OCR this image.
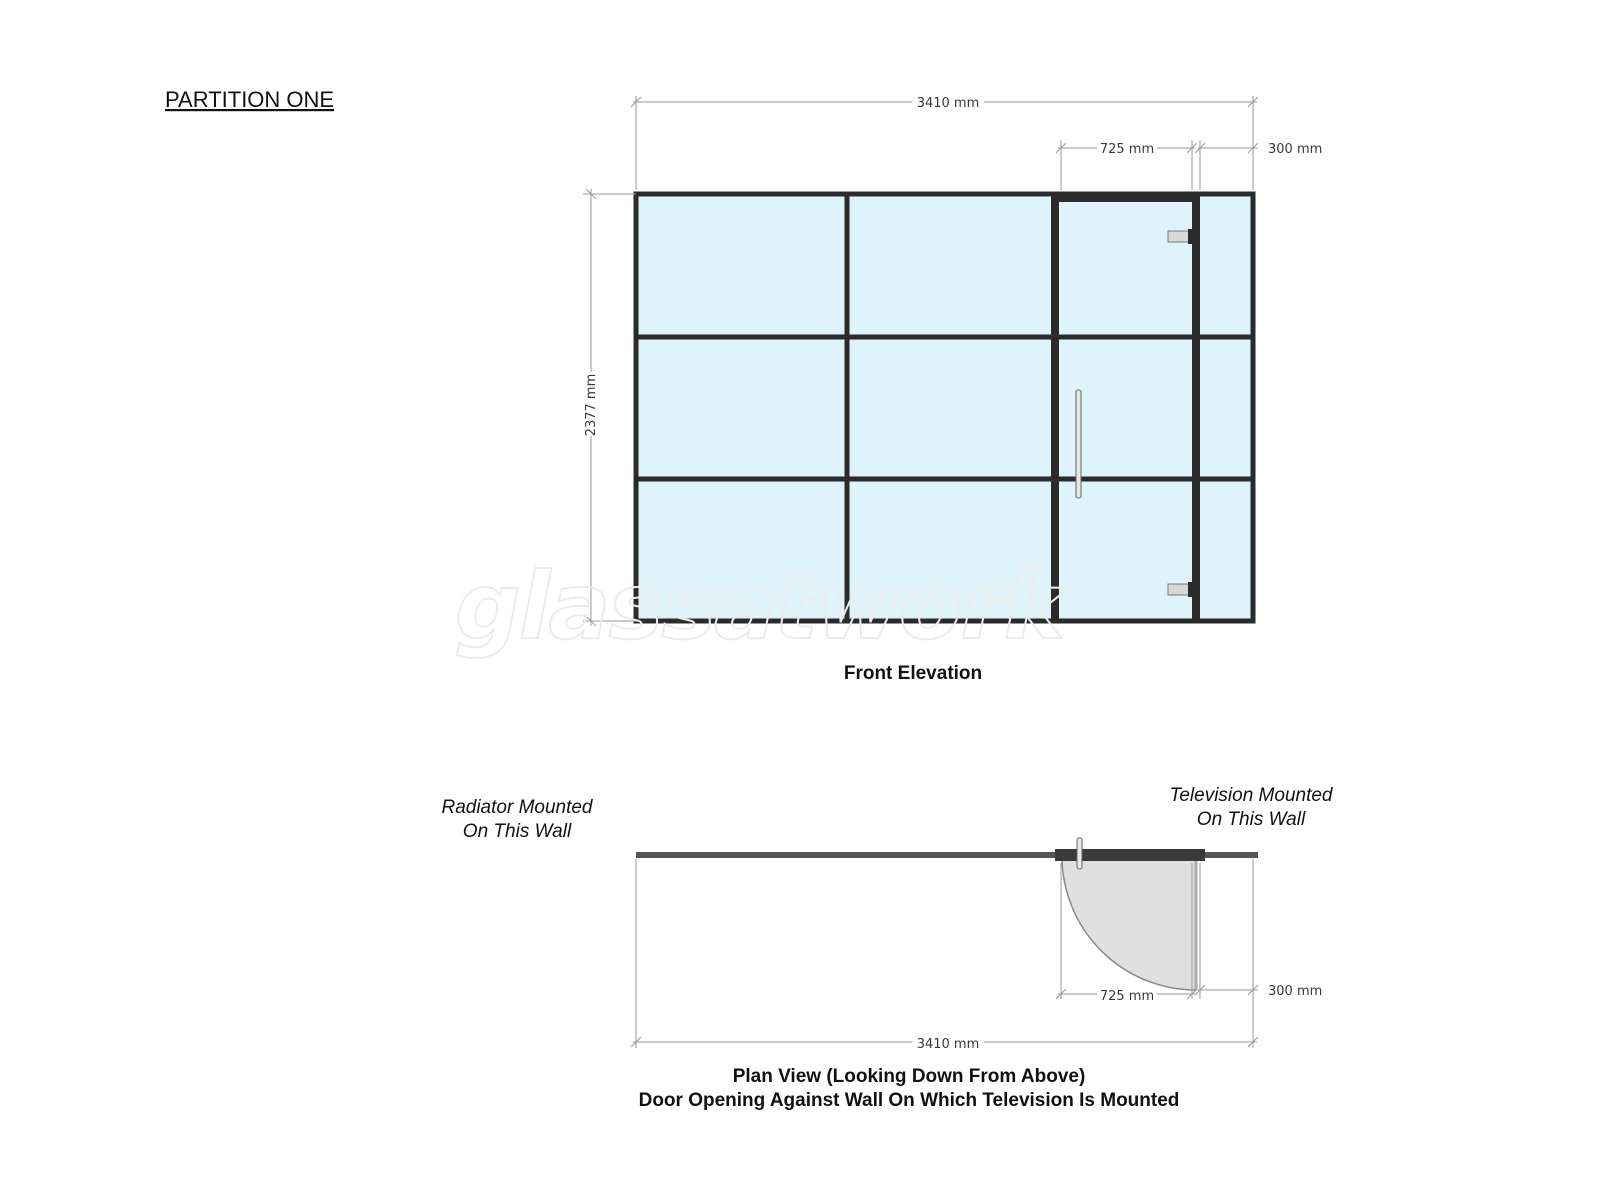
PARTITION ONE	3410 mm
725 mm	300 mm
2377 mm
glassatwork
Front Elevation
Radiator Mounted
On This Wall
Television Mounted
On This Wall
725 mm	300 mm
3410 mm
Plan View (Looking Down From Above)
Door Opening Against Wall On Which Television Is Mounted
